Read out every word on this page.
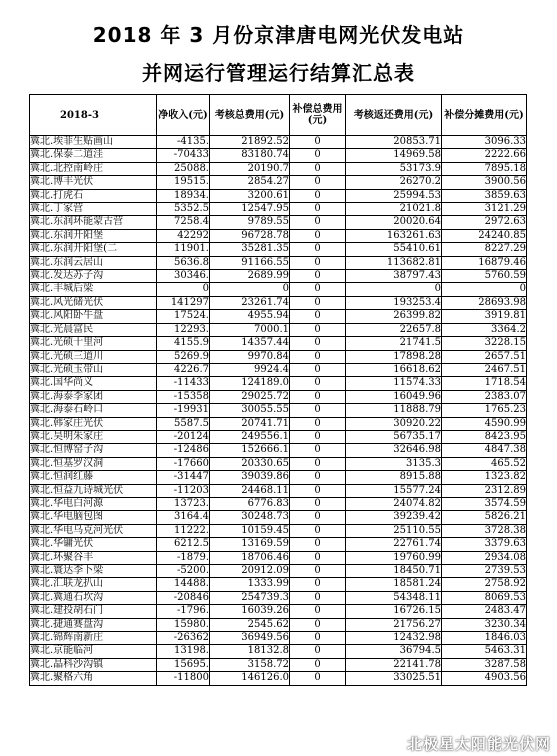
2018 年 3 月份京津唐电网光伏发电站
并网运行管理运行结算汇总表
2018-3	净收入(元)	考核总费用(元)	补偿总费用(元)	考核返还费用(元)	补偿分摊费用(元)
冀北.埃菲生贴画山	-4135.	21892.52	0	20853.71	3096.33
冀北.保泰二道洼	-70433	83180.74	0	14969.58	2222.66
冀北.北控南岭庄	25088.	20190.7	0	53173.9	7895.18
冀北.博丰光伏	19515.	2854.27	0	26270.2	3900.56
冀北.打虎石	18934.	3200.61	0	25994.53	3859.63
冀北.丁家营	5352.5	12547.95	0	21021.8	3121.29
冀北.东润环能蒙古营	7258.4	9789.55	0	20020.64	2972.63
冀北.东润开阳堡	42292	96728.78	0	163261.63	24240.85
冀北.东润开阳堡(二	11901.	35281.35	0	55410.61	8227.29
冀北.东润云居山	5636.8	91166.55	0	113682.81	16879.46
冀北.发达苏子沟	30346.	2689.99	0	38797.43	5760.59
冀北.丰城后梁	0	0	0	0	0
冀北.风光储光伏	141297	23261.74	0	193253.4	28693.98
冀北.风阳卧牛盘	17524.	4955.94	0	26399.82	3919.81
冀北.光晨富民	12293.	7000.1	0	22657.8	3364.2
冀北.光硕十里河	4155.9	14357.44	0	21741.5	3228.15
冀北.光硕三道川	5269.9	9970.84	0	17898.28	2657.51
冀北.光硕玉带山	4226.7	9924.4	0	16618.62	2467.51
冀北.国华尚义	-11433	124189.0	0	11574.33	1718.54
冀北.海泰李家团	-15358	29025.72	0	16049.96	2383.07
冀北.海泰石岭口	-19931	30055.55	0	11888.79	1765.23
冀北.韩家庄光伏	5587.5	20741.71	0	30920.22	4590.99
冀北.昊明朱家庄	-20124	249556.1	0	56735.17	8423.95
冀北.恒博窑子沟	-12486	152666.1	0	32646.98	4847.38
冀北.恒基罗汉洞	-17660	20330.65	0	3135.3	465.52
冀北.恒润红藤	-31447	39039.86	0	8915.88	1323.82
冀北.恒益九诗城光伏	-11203	24468.11	0	15577.24	2312.89
冀北.华电白河源	13723.	6776.83	0	24074.82	3574.59
冀北.华电脑包图	3164.4	30248.73	0	39239.42	5826.21
冀北.华电乌克河光伏	11222.	10159.45	0	25110.55	3728.38
冀北.华镛光伏	6212.5	13169.59	0	22761.74	3379.63
冀北.环聚谷丰	-1879.	18706.46	0	19760.99	2934.08
冀北.寰达李卜梁	-5200.	20912.09	0	18450.71	2739.53
冀北.汇联龙扒山	14488.	1333.99	0	18581.24	2758.92
冀北.冀通石坎沟	-20846	254739.3	0	54348.11	8069.53
冀北.建投胡石门	-1796.	16039.26	0	16726.15	2483.47
冀北.捷通赛盘沟	15980.	2545.62	0	21756.27	3230.34
冀北.锦辉南新庄	-26362	36949.56	0	12432.98	1846.03
冀北.京能临河	13198.	18132.8	0	36794.5	5463.31
冀北.晶科沙沟镇	15695.	3158.72	0	22141.78	3287.58
冀北.聚格六角	-11800	146126.0	0	33025.51	4903.56
北极星太阳能光伏网
